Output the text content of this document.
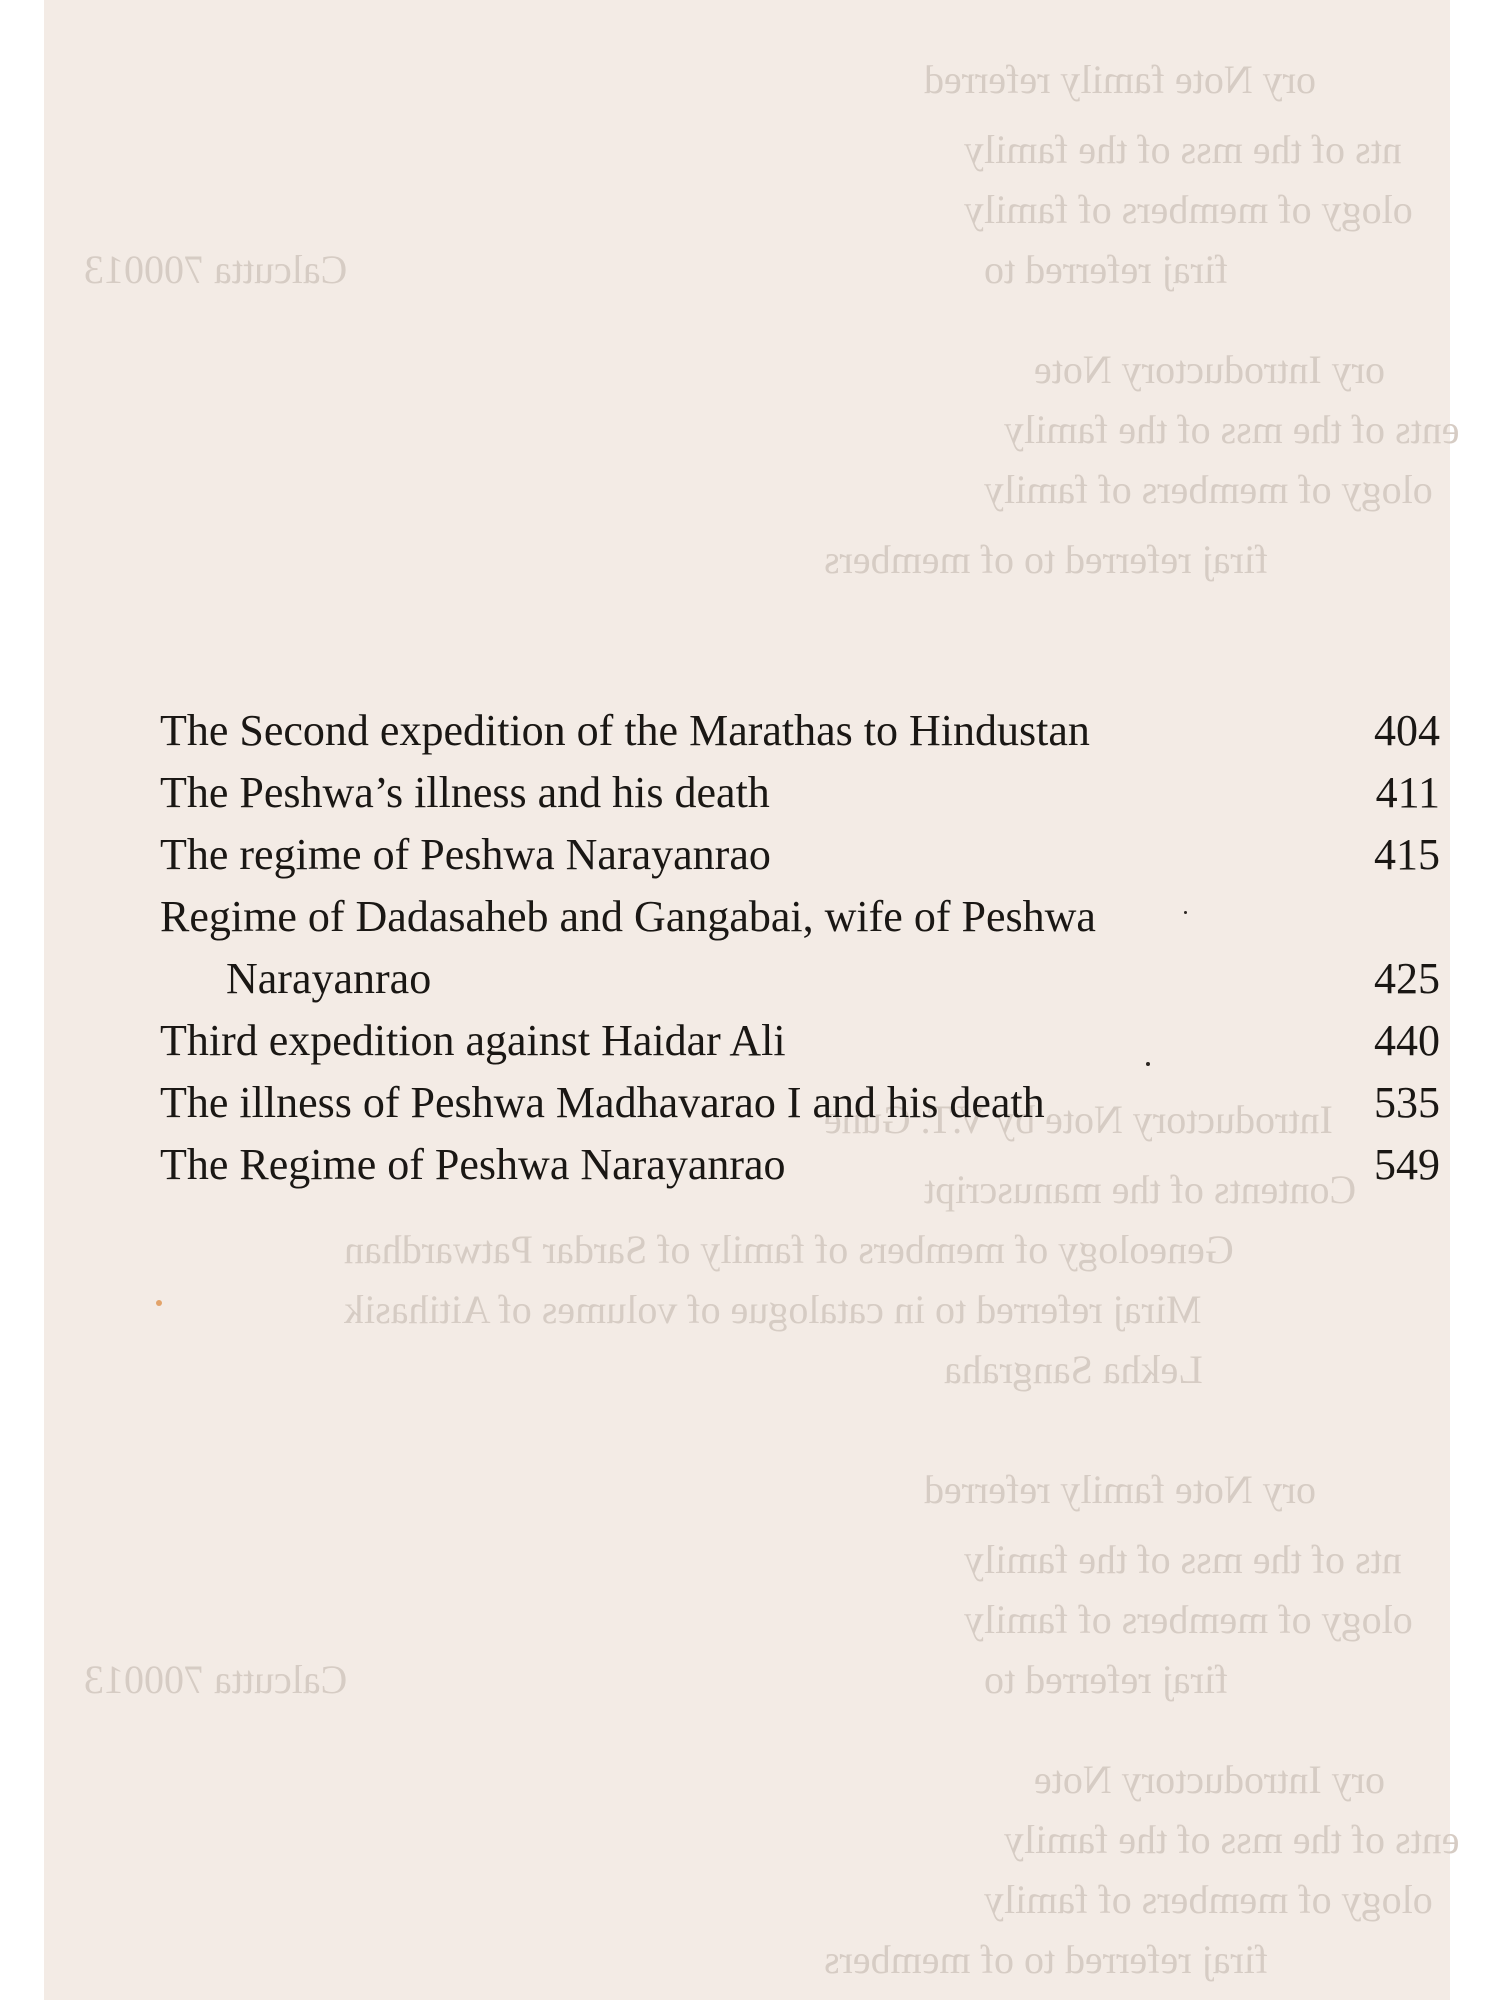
ory Note family referred
nts of the mss of the family
ology of members of family
firaj referred to
Calcutta 700013
ory Introductory Note
ents of the mss of the family
ology of members of family
firaj referred to of members
Introductory Note by V.T. Gune
Contents of the manuscript
Geneology of members of family of Sardar Patwardhan
Miraj referred to in catalogue of volumes of Aitihasik
Lekha Sangraha
ory Note family referred
nts of the mss of the family
ology of members of family
firaj referred to
Calcutta 700013
ory Introductory Note
ents of the mss of the family
ology of members of family
firaj referred to of members
The Second expedition of the Marathas to Hindustan	404
The Peshwa’s illness and his death	411
The regime of Peshwa Narayanrao	415
Regime of Dadasaheb and Gangabai, wife of Peshwa
Narayanrao	425
Third expedition against Haidar Ali	440
The illness of Peshwa Madhavarao I and his death	535
The Regime of Peshwa Narayanrao	549
